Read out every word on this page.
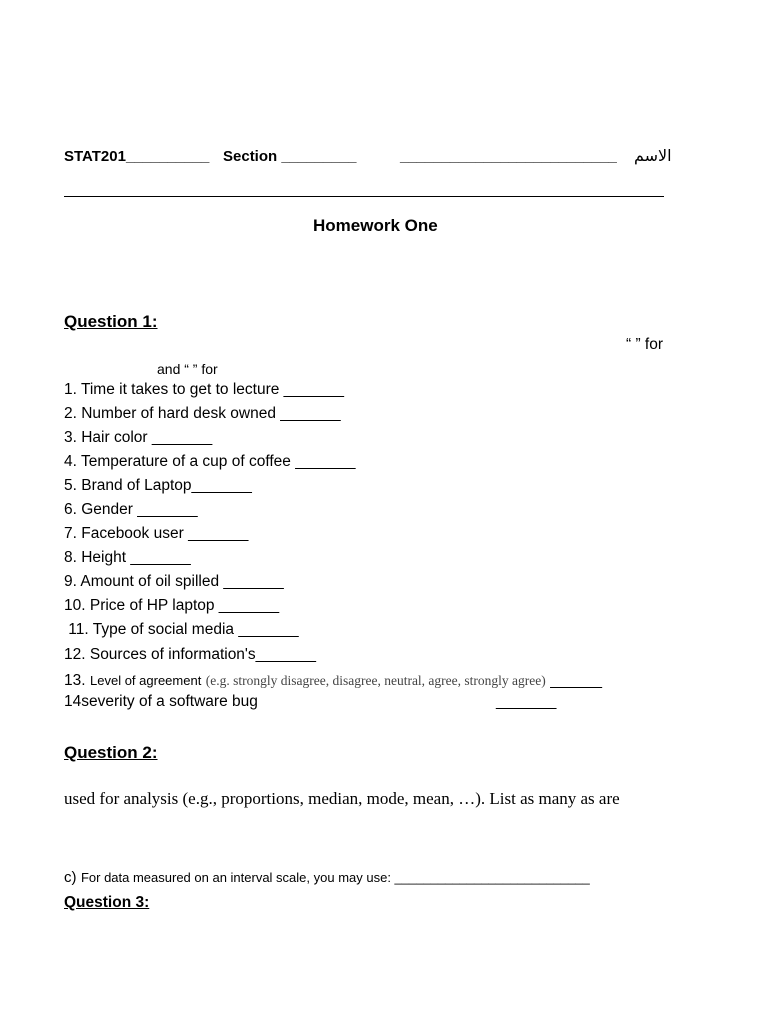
STAT201__________ Section _________	__________________________ الاسم
Homework One
Question 1:
“ ” for
and “ ” for
1. Time it takes to get to lecture _______
2. Number of hard desk owned _______
3. Hair color _______
4. Temperature of a cup of coffee _______
5. Brand of Laptop_______
6. Gender _______
7. Facebook user _______
8. Height _______
9. Amount of oil spilled _______
10. Price of HP laptop _______
11. Type of social media _______
12. Sources of information's_______
13. Level of agreement (e.g. strongly disagree, disagree, neutral, agree, strongly agree) ______
14severity of a software bug	_______
Question 2:
used for analysis (e.g., proportions, median, mode, mean, …). List as many as are
c) For data measured on an interval scale, you may use: ___________________________
Question 3:
